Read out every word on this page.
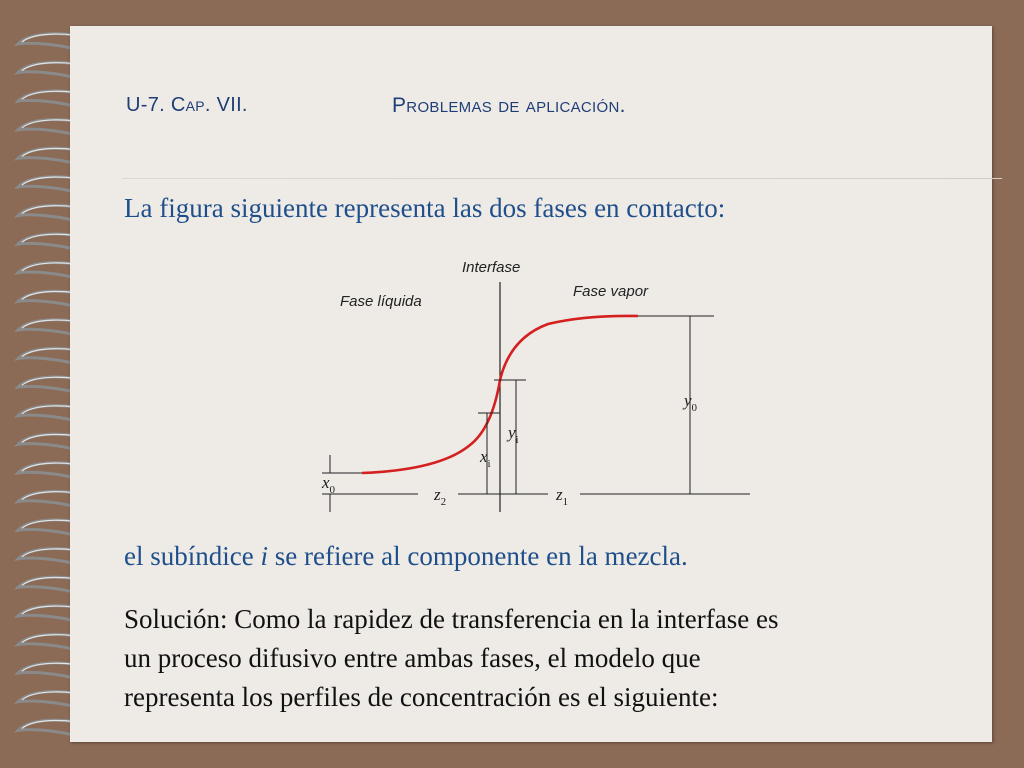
U-7. Cap. VII.	Problemas de aplicación.
La figura siguiente representa las dos fases en contacto:
Interfase
Fase líquida
Fase vapor
$x_0$
$x_i$
$y_i$
$y_0$
$z_2$	$z_1$
el subíndice i se refiere al componente en la mezcla.
Solución: Como la rapidez de transferencia en la interfase es
un proceso difusivo entre ambas fases, el modelo que
representa los perfiles de concentración es el siguiente:
